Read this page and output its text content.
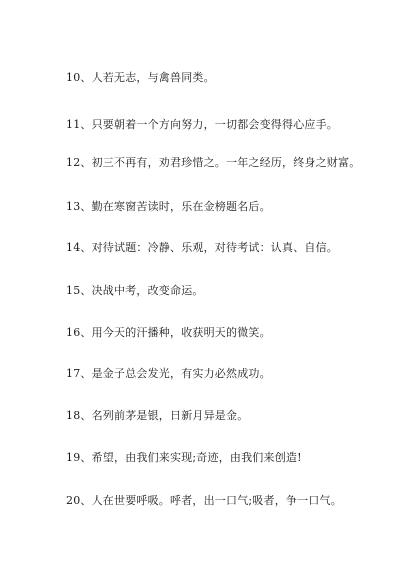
10、人若无志，与禽兽同类。
11、只要朝着一个方向努力，一切都会变得得心应手。
12、初三不再有，劝君珍惜之。一年之经历，终身之财富。
13、勤在寒窗苦读时，乐在金榜题名后。
14、对待试题：冷静、乐观，对待考试：认真、自信。
15、决战中考，改变命运。
16、用今天的汗播种，收获明天的微笑。
17、是金子总会发光，有实力必然成功。
18、名列前茅是银，日新月异是金。
19、希望，由我们来实现;奇迹，由我们来创造!
20、人在世要呼吸。呼者，出一口气;吸者，争一口气。
